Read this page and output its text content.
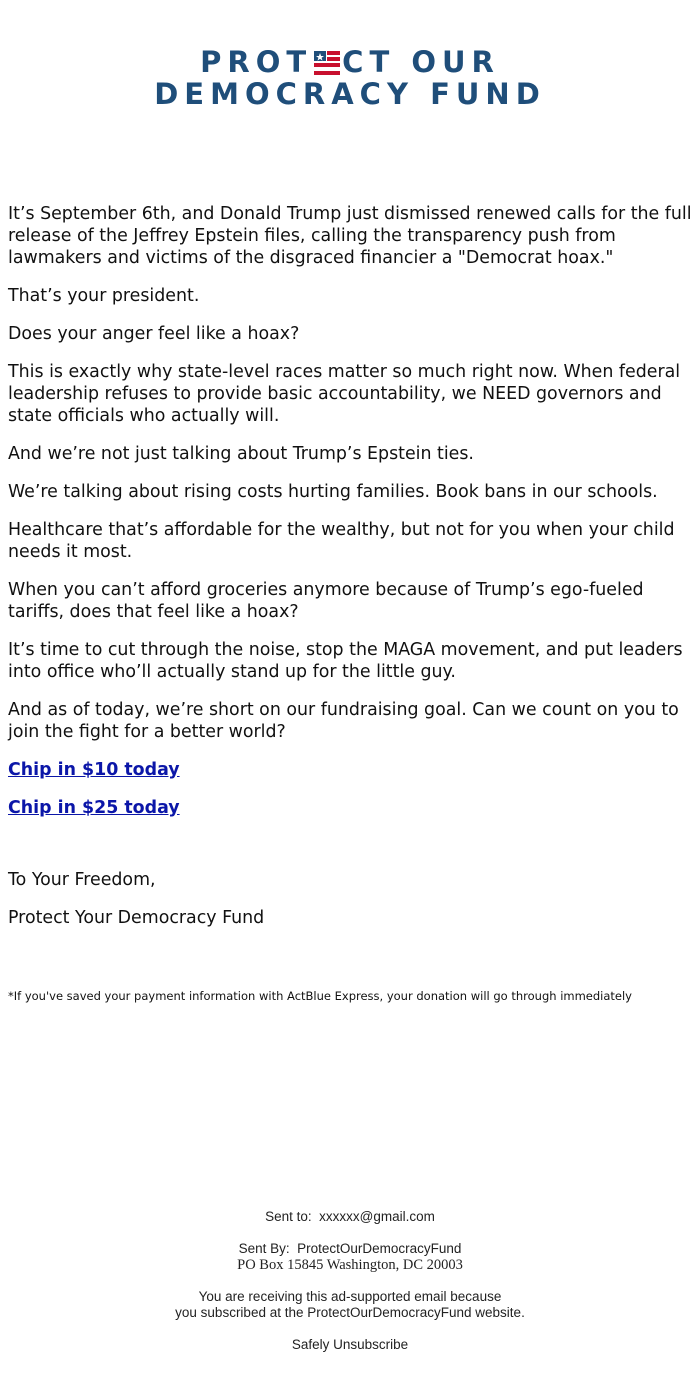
PROT CT OUR
DEMOCRACY FUND

It’s September 6th, and Donald Trump just dismissed renewed calls for the full release of the Jeffrey Epstein files, calling the transparency push from lawmakers and victims of the disgraced financier a "Democrat hoax."

That’s your president.

Does your anger feel like a hoax?

This is exactly why state-level races matter so much right now. When federal leadership refuses to provide basic accountability, we NEED governors and state officials who actually will.

And we’re not just talking about Trump’s Epstein ties.

We’re talking about rising costs hurting families. Book bans in our schools.

Healthcare that’s affordable for the wealthy, but not for you when your child needs it most.

When you can’t afford groceries anymore because of Trump’s ego-fueled tariffs, does that feel like a hoax?

It’s time to cut through the noise, stop the MAGA movement, and put leaders into office who’ll actually stand up for the little guy.

And as of today, we’re short on our fundraising goal. Can we count on you to join the fight for a better world?

Chip in $10 today

Chip in $25 today

To Your Freedom,

Protect Your Democracy Fund

*If you've saved your payment information with ActBlue Express, your donation will go through immediately

Sent to: xxxxxx@gmail.com

Sent By: ProtectOurDemocracyFund

PO Box 15845 Washington, DC 20003

You are receiving this ad-supported email because

you subscribed at the ProtectOurDemocracyFund website.

Safely Unsubscribe
